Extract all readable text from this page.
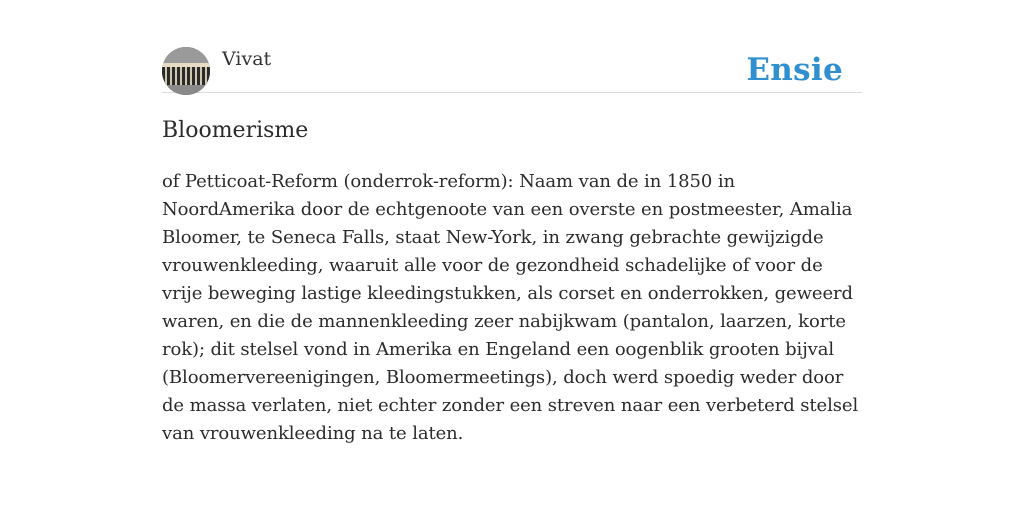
Vivat	Ensie
Bloomerisme

of Petticoat-Reform (onderrok-reform): Naam van de in 1850 in NoordAmerika door de echtgenoote van een overste en postmeester, Amalia Bloomer, te Seneca Falls, staat New-York, in zwang gebrachte gewijzigde vrouwenkleeding, waaruit alle voor de gezondheid schadelijke of voor de vrije beweging lastige kleedingstukken, als corset en onderrokken, geweerd waren, en die de mannenkleeding zeer nabijkwam (pantalon, laarzen, korte rok); dit stelsel vond in Amerika en Engeland een oogenblik grooten bijval (Bloomervereenigingen, Bloomermeetings), doch werd spoedig weder door de massa verlaten, niet echter zonder een streven naar een verbeterd stelsel van vrouwenkleeding na te laten.
